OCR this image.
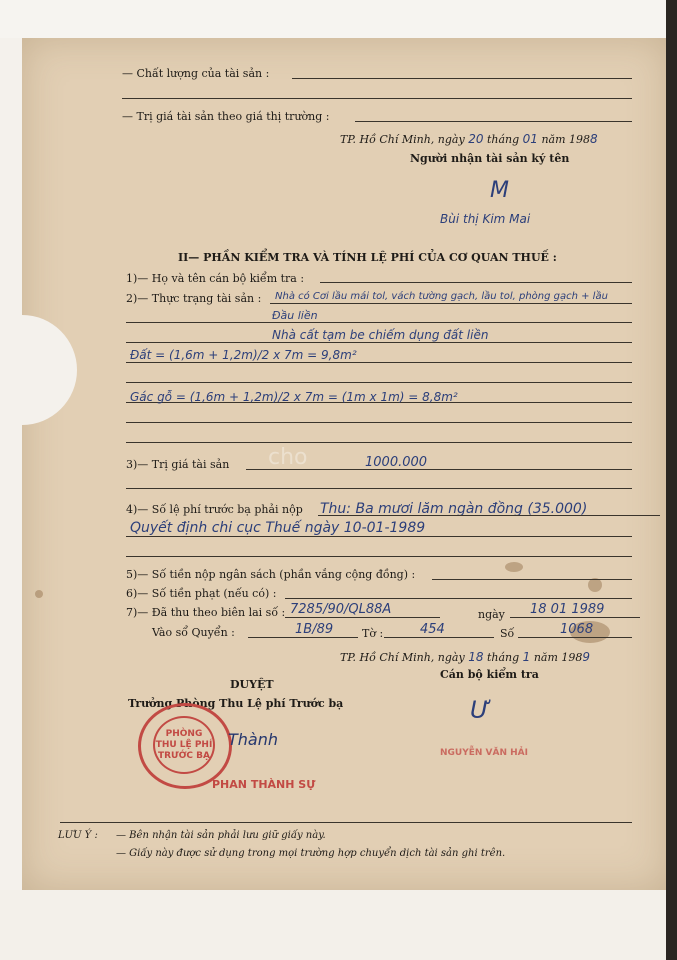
— Chất lượng của tài sản :
— Trị giá tài sản theo giá thị trường :
TP. Hồ Chí Minh, ngày 20 tháng 01 năm 1988
Người nhận tài sản ký tên
M
Bùi thị Kim Mai
II— PHẦN KIỂM TRA VÀ TÍNH LỆ PHÍ CỦA CƠ QUAN THUẾ :
1)— Họ và tên cán bộ kiểm tra :
2)— Thực trạng tài sản : Nhà có Cơi lầu mái tol, vách tường gạch, lầu tol, phòng gạch + lầu
Đầu liền
Nhà cất tạm be chiếm dụng đất liền
Đất = (1,6m + 1,2m)/2 x 7m = 9,8m²
Gác gỗ = (1,6m + 1,2m)/2 x 7m = (1m x 1m) = 8,8m²
3)— Trị giá tài sản	1000.000
cho
4)— Số lệ phí trước bạ phải nộp Thu: Ba mươi lăm ngàn đồng (35.000)
Quyết định chi cục Thuế ngày 10-01-1989
5)— Số tiền nộp ngân sách (phần vắng cộng đồng) :
6)— Số tiền phạt (nếu có) :
7)— Đã thu theo biên lai số : 7285/90/QL88A	ngày 18 01 1989
Vào sổ Quyển :	1B/89	Tờ :	454	Số	1068
TP. Hồ Chí Minh, ngày 18 tháng 1 năm 1989
Cán bộ kiểm tra
Ư
NGUYỄN VĂN HẢI
DUYỆT
Trưởng Phòng Thu Lệ phí Trước bạ
PHÒNG
THU LỆ PHÍ
TRƯỚC BẠ
Thành
PHAN THÀNH SỰ
LƯU Ý : — Bên nhận tài sản phải lưu giữ giấy này.
— Giấy này được sử dụng trong mọi trường hợp chuyển dịch tài sản ghi trên.
